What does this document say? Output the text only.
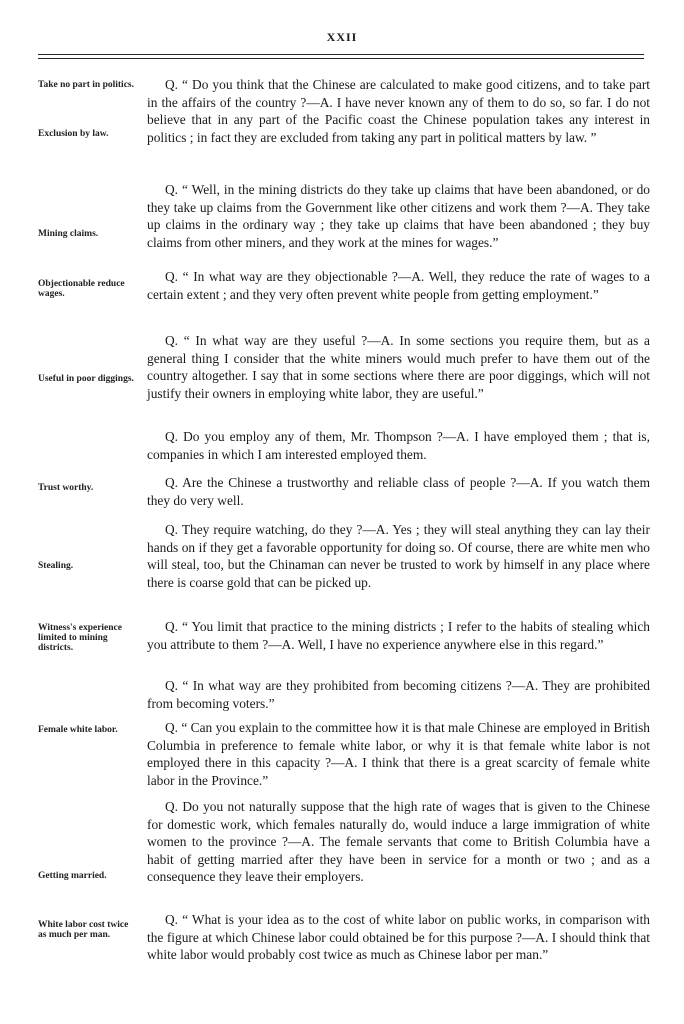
XXII
Take no part in politics.
Exclusion by law.
Mining claims.
Objectionable reduce wages.
Useful in poor diggings.
Trust worthy.
Stealing.
Witness's experience limited to mining districts.
Female white labor.
Getting married.
White labor cost twice as much per man.

Q. “ Do you think that the Chinese are calculated to make good citizens, and to take part in the affairs of the country ?—A. I have never known any of them to do so, so far. I do not believe that in any part of the Pacific coast the Chinese population takes any interest in politics ; in fact they are excluded from taking any part in political matters by law. ”

Q. “ Well, in the mining districts do they take up claims that have been abandoned, or do they take up claims from the Government like other citizens and work them ?—A. They take up claims in the ordinary way ; they take up claims that have been abandoned ; they buy claims from other miners, and they work at the mines for wages.”

Q. “ In what way are they objectionable ?—A. Well, they reduce the rate of wages to a certain extent ; and they very often prevent white people from getting employment.”

Q. “ In what way are they useful ?—A. In some sections you require them, but as a general thing I consider that the white miners would much prefer to have them out of the country altogether. I say that in some sections where there are poor diggings, which will not justify their owners in employing white labor, they are useful.”

Q. Do you employ any of them, Mr. Thompson ?—A. I have employed them ; that is, companies in which I am interested employed them.

Q. Are the Chinese a trustworthy and reliable class of people ?—A. If you watch them they do very well.

Q. They require watching, do they ?—A. Yes ; they will steal anything they can lay their hands on if they get a favorable opportunity for doing so. Of course, there are white men who will steal, too, but the Chinaman can never be trusted to work by himself in any place where there is coarse gold that can be picked up.

Q. “ You limit that practice to the mining districts ; I refer to the habits of stealing which you attribute to them ?—A. Well, I have no experience anywhere else in this regard.”

Q. “ In what way are they prohibited from becoming citizens ?—A. They are prohibited from becoming voters.”

Q. “ Can you explain to the committee how it is that male Chinese are employed in British Columbia in preference to female white labor, or why it is that female white labor is not employed there in this capacity ?—A. I think that there is a great scarcity of female white labor in the Province.”

Q. Do you not naturally suppose that the high rate of wages that is given to the Chinese for domestic work, which females naturally do, would induce a large immigration of white women to the province ?—A. The female servants that come to British Columbia have a habit of getting married after they have been in service for a month or two ; and as a consequence they leave their employers.

Q. “ What is your idea as to the cost of white labor on public works, in comparison with the figure at which Chinese labor could obtained be for this purpose ?—A. I should think that white labor would probably cost twice as much as Chinese labor per man.”
